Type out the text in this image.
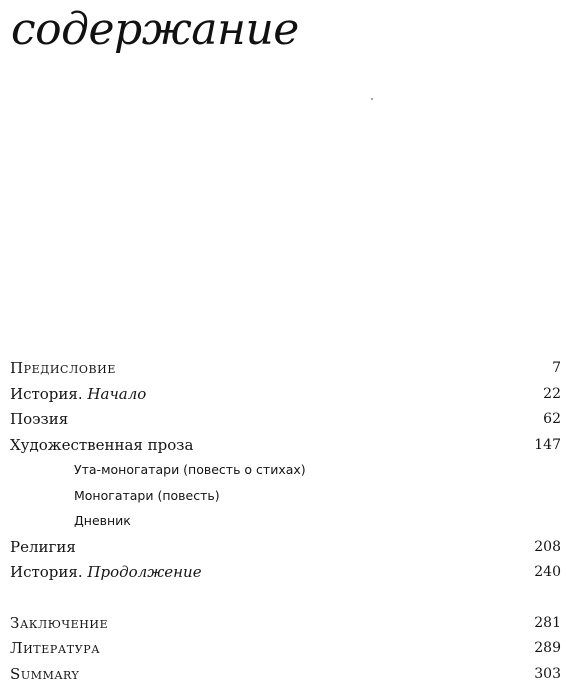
содержание
Предисловие	7
История. Начало	22
Поэзия	62
Художественная проза	147
Ута-моногатари (повесть о стихах)
Моногатари (повесть)
Дневник
Религия	208
История. Продолжение	240
Заключение	281
Литература	289
Summary	303
